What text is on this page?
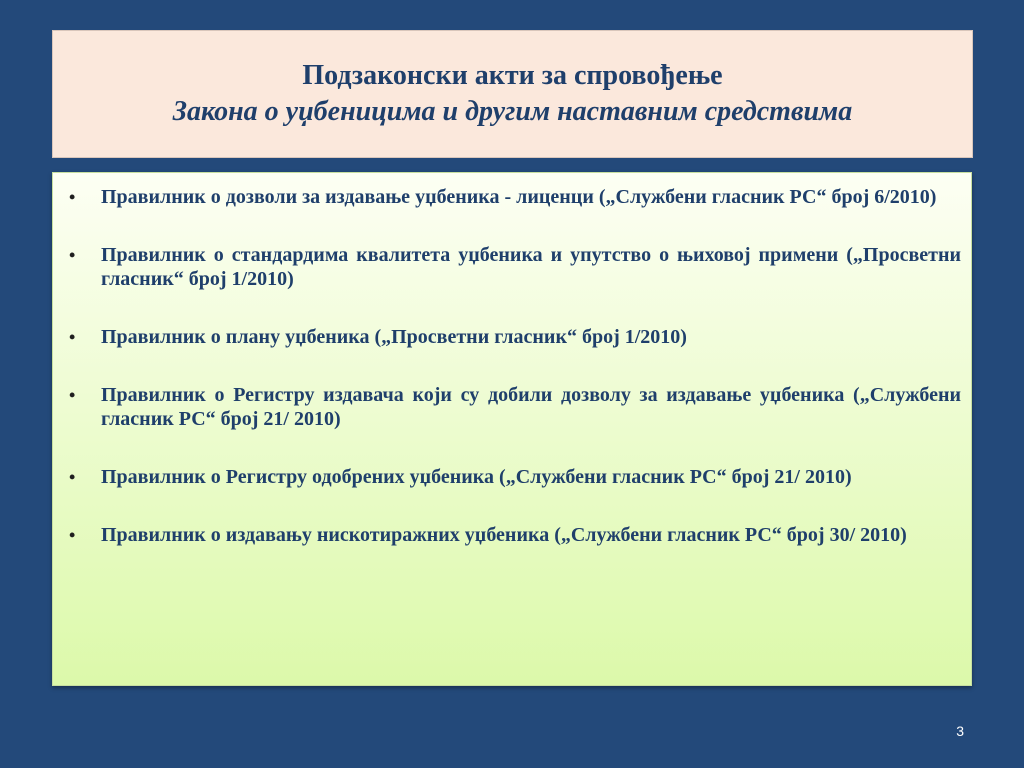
Подзаконски акти за спровођење
Закона о уџбеницима и другим наставним средствима
• Правилник о дозволи за издавање уџбеника - лиценци („Службени гласник РС“ број 6/2010)
• Правилник о стандардима квалитета уџбеника и упутство о њиховој примени („Просветни гласник“ број 1/2010)
• Правилник о плану уџбеника („Просветни гласник“ број 1/2010)
• Правилник о Регистру издавача који су добили дозволу за издавање уџбеника („Службени гласник РС“ број 21/ 2010)
• Правилник о Регистру одобрених уџбеника („Службени гласник РС“ број 21/ 2010)
• Правилник о издавању нискотиражних уџбеника („Службени гласник РС“ број 30/ 2010)
3
